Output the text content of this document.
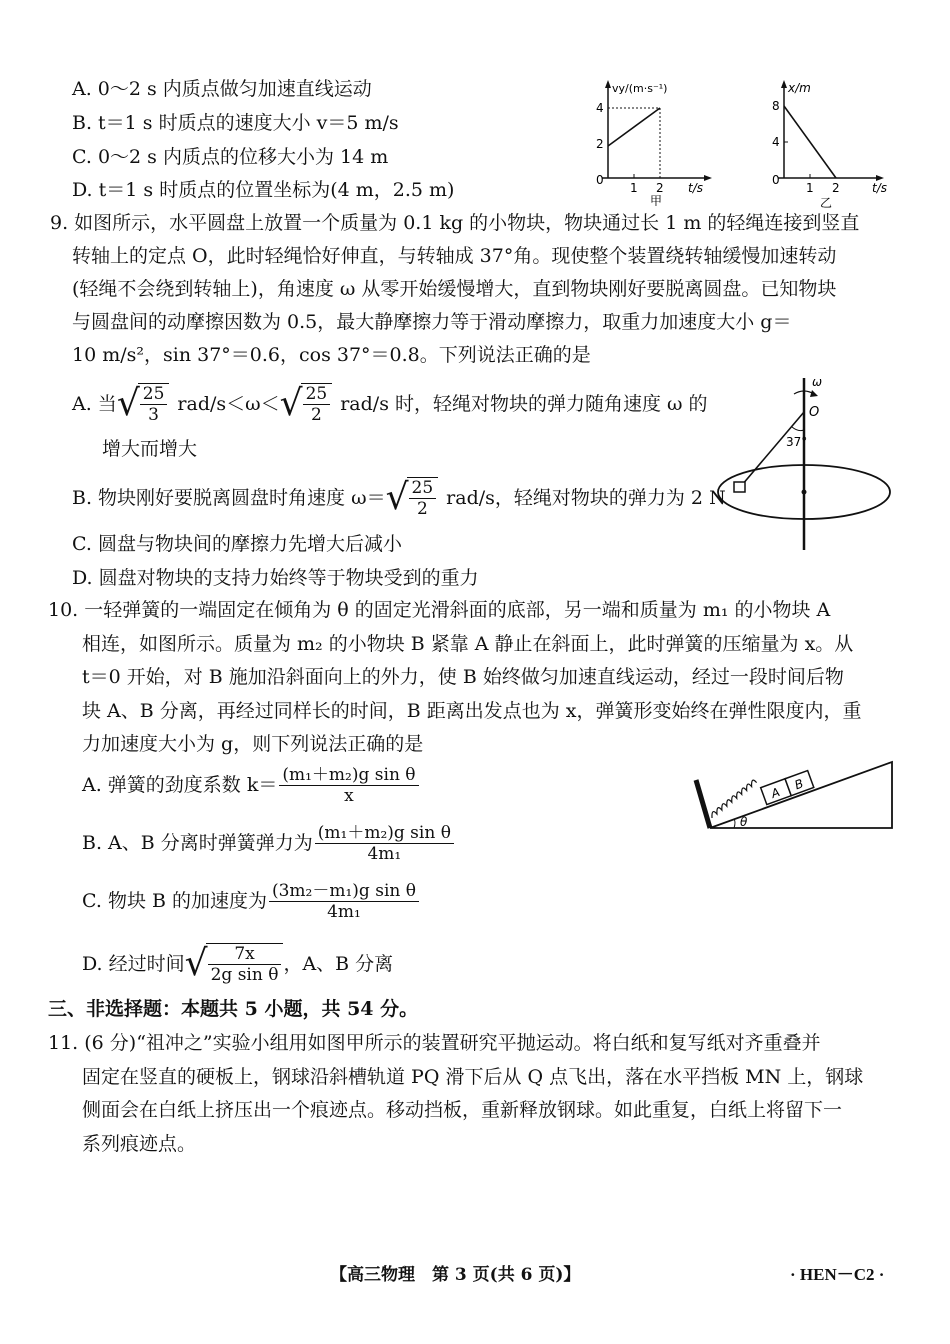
A. 0～2 s 内质点做匀加速直线运动
B. t＝1 s 时质点的速度大小 v＝5 m/s
C. 0～2 s 内质点的位移大小为 14 m
D. t＝1 s 时质点的位置坐标为(4 m，2.5 m)
vy/(m·s⁻¹)
4
2
0
1 2 t/s
甲
x/m
8
4
0
1 2	t/s
乙
9. 如图所示，水平圆盘上放置一个质量为 0.1 kg 的小物块，物块通过长 1 m 的轻绳连接到竖直
转轴上的定点 O，此时轻绳恰好伸直，与转轴成 37°角。现使整个装置绕转轴缓慢加速转动
(轻绳不会绕到转轴上)，角速度 ω 从零开始缓慢增大，直到物块刚好要脱离圆盘。已知物块
与圆盘间的动摩擦因数为 0.5，最大静摩擦力等于滑动摩擦力，取重力加速度大小 g＝
10 m/s²，sin 37°＝0.6，cos 37°＝0.8。下列说法正确的是
A. 当 √ $\frac{25}{3} rad/s<\omega<$ √ $\frac{25}{2} rad/s$ 时，轻绳对物块的弹力随角速度 ω 的
增大而增大
B. 物块刚好要脱离圆盘时角速度 ω＝ √ $\frac{25}{2} rad/s$，轻绳对物块的弹力为 2 N
C. 圆盘与物块间的摩擦力先增大后减小
D. 圆盘对物块的支持力始终等于物块受到的重力
ω
O
37°
10. 一轻弹簧的一端固定在倾角为 θ 的固定光滑斜面的底部，另一端和质量为 m₁ 的小物块 A
相连，如图所示。质量为 m₂ 的小物块 B 紧靠 A 静止在斜面上，此时弹簧的压缩量为 x。从
t＝0 开始，对 B 施加沿斜面向上的外力，使 B 始终做匀加速直线运动，经过一段时间后物
块 A、B 分离，再经过同样长的时间，B 距离出发点也为 x，弹簧形变始终在弹性限度内，重
力加速度大小为 g，则下列说法正确的是
A. 弹簧的劲度系数 $k= \frac{\text{(m₁＋m₂)g sin θ}}{x}$
B. A、B 分离时弹簧弹力为 $\frac{\text{(m₁＋m₂)g sin θ}}{\text{4m₁}}$
C. 物块 B 的加速度为 $\frac{\text{(3m₂－m₁)g sin θ}}{\text{4m₁}}$
D. 经过时间 √ $\frac{7x}{\text{2g sin θ}}$ ，A、B 分离
A
B
θ
三、非选择题：本题共 5 小题，共 54 分。
11. (6 分)“祖冲之”实验小组用如图甲所示的装置研究平抛运动。将白纸和复写纸对齐重叠并
固定在竖直的硬板上，钢球沿斜槽轨道 PQ 滑下后从 Q 点飞出，落在水平挡板 MN 上，钢球
侧面会在白纸上挤压出一个痕迹点。移动挡板，重新释放钢球。如此重复，白纸上将留下一
系列痕迹点。
【高三物理　第 3 页(共 6 页)】	· HEN－C2 ·
